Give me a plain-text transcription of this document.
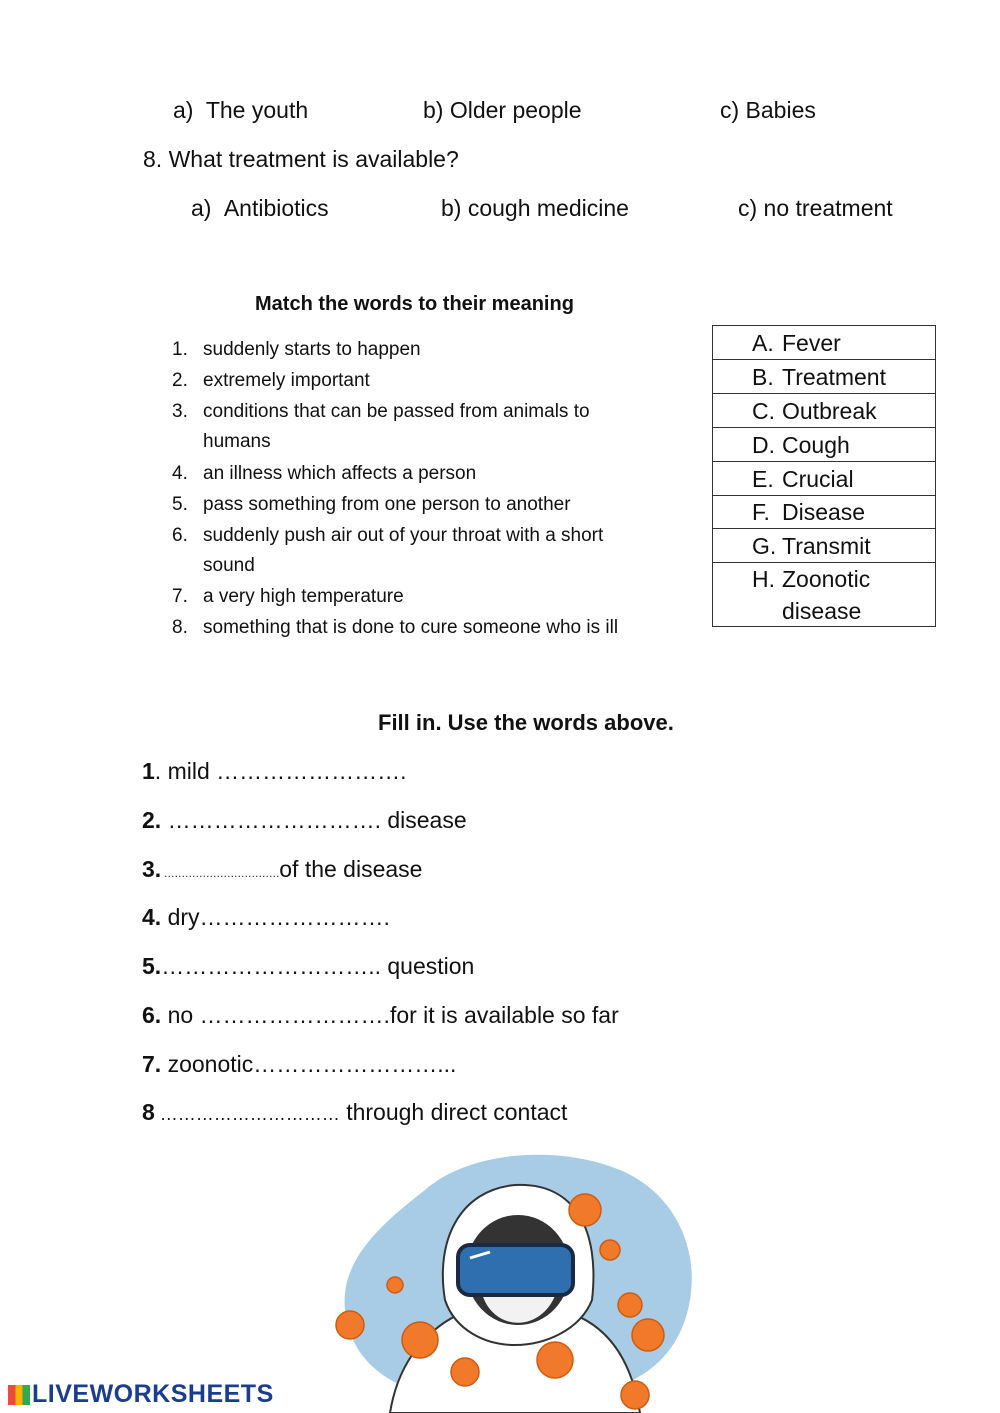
a) The youth	b) Older people	c) Babies
8. What treatment is available?
a) Antibiotics	b) cough medicine	c) no treatment
Match the words to their meaning
1. suddenly starts to happen
2. extremely important
3. conditions that can be passed from animals to
humans
4. an illness which affects a person
5. pass something from one person to another
6. suddenly push air out of your throat with a short
sound
7. a very high temperature
8. something that is done to cure someone who is ill
A. Fever
B. Treatment
C. Outbreak
D. Cough
E. Crucial
F. Disease
G. Transmit
H. Zoonotic
disease
Fill in. Use the words above.
1. mild …………………….
2. ………………………. disease
3. ……………………………of the disease
4. dry…………………….
5.……………………….. question
6. no …………………….for it is available so far
7. zoonotic……………………...
8 ………………………… through direct contact
LIVEWORKSHEETS
